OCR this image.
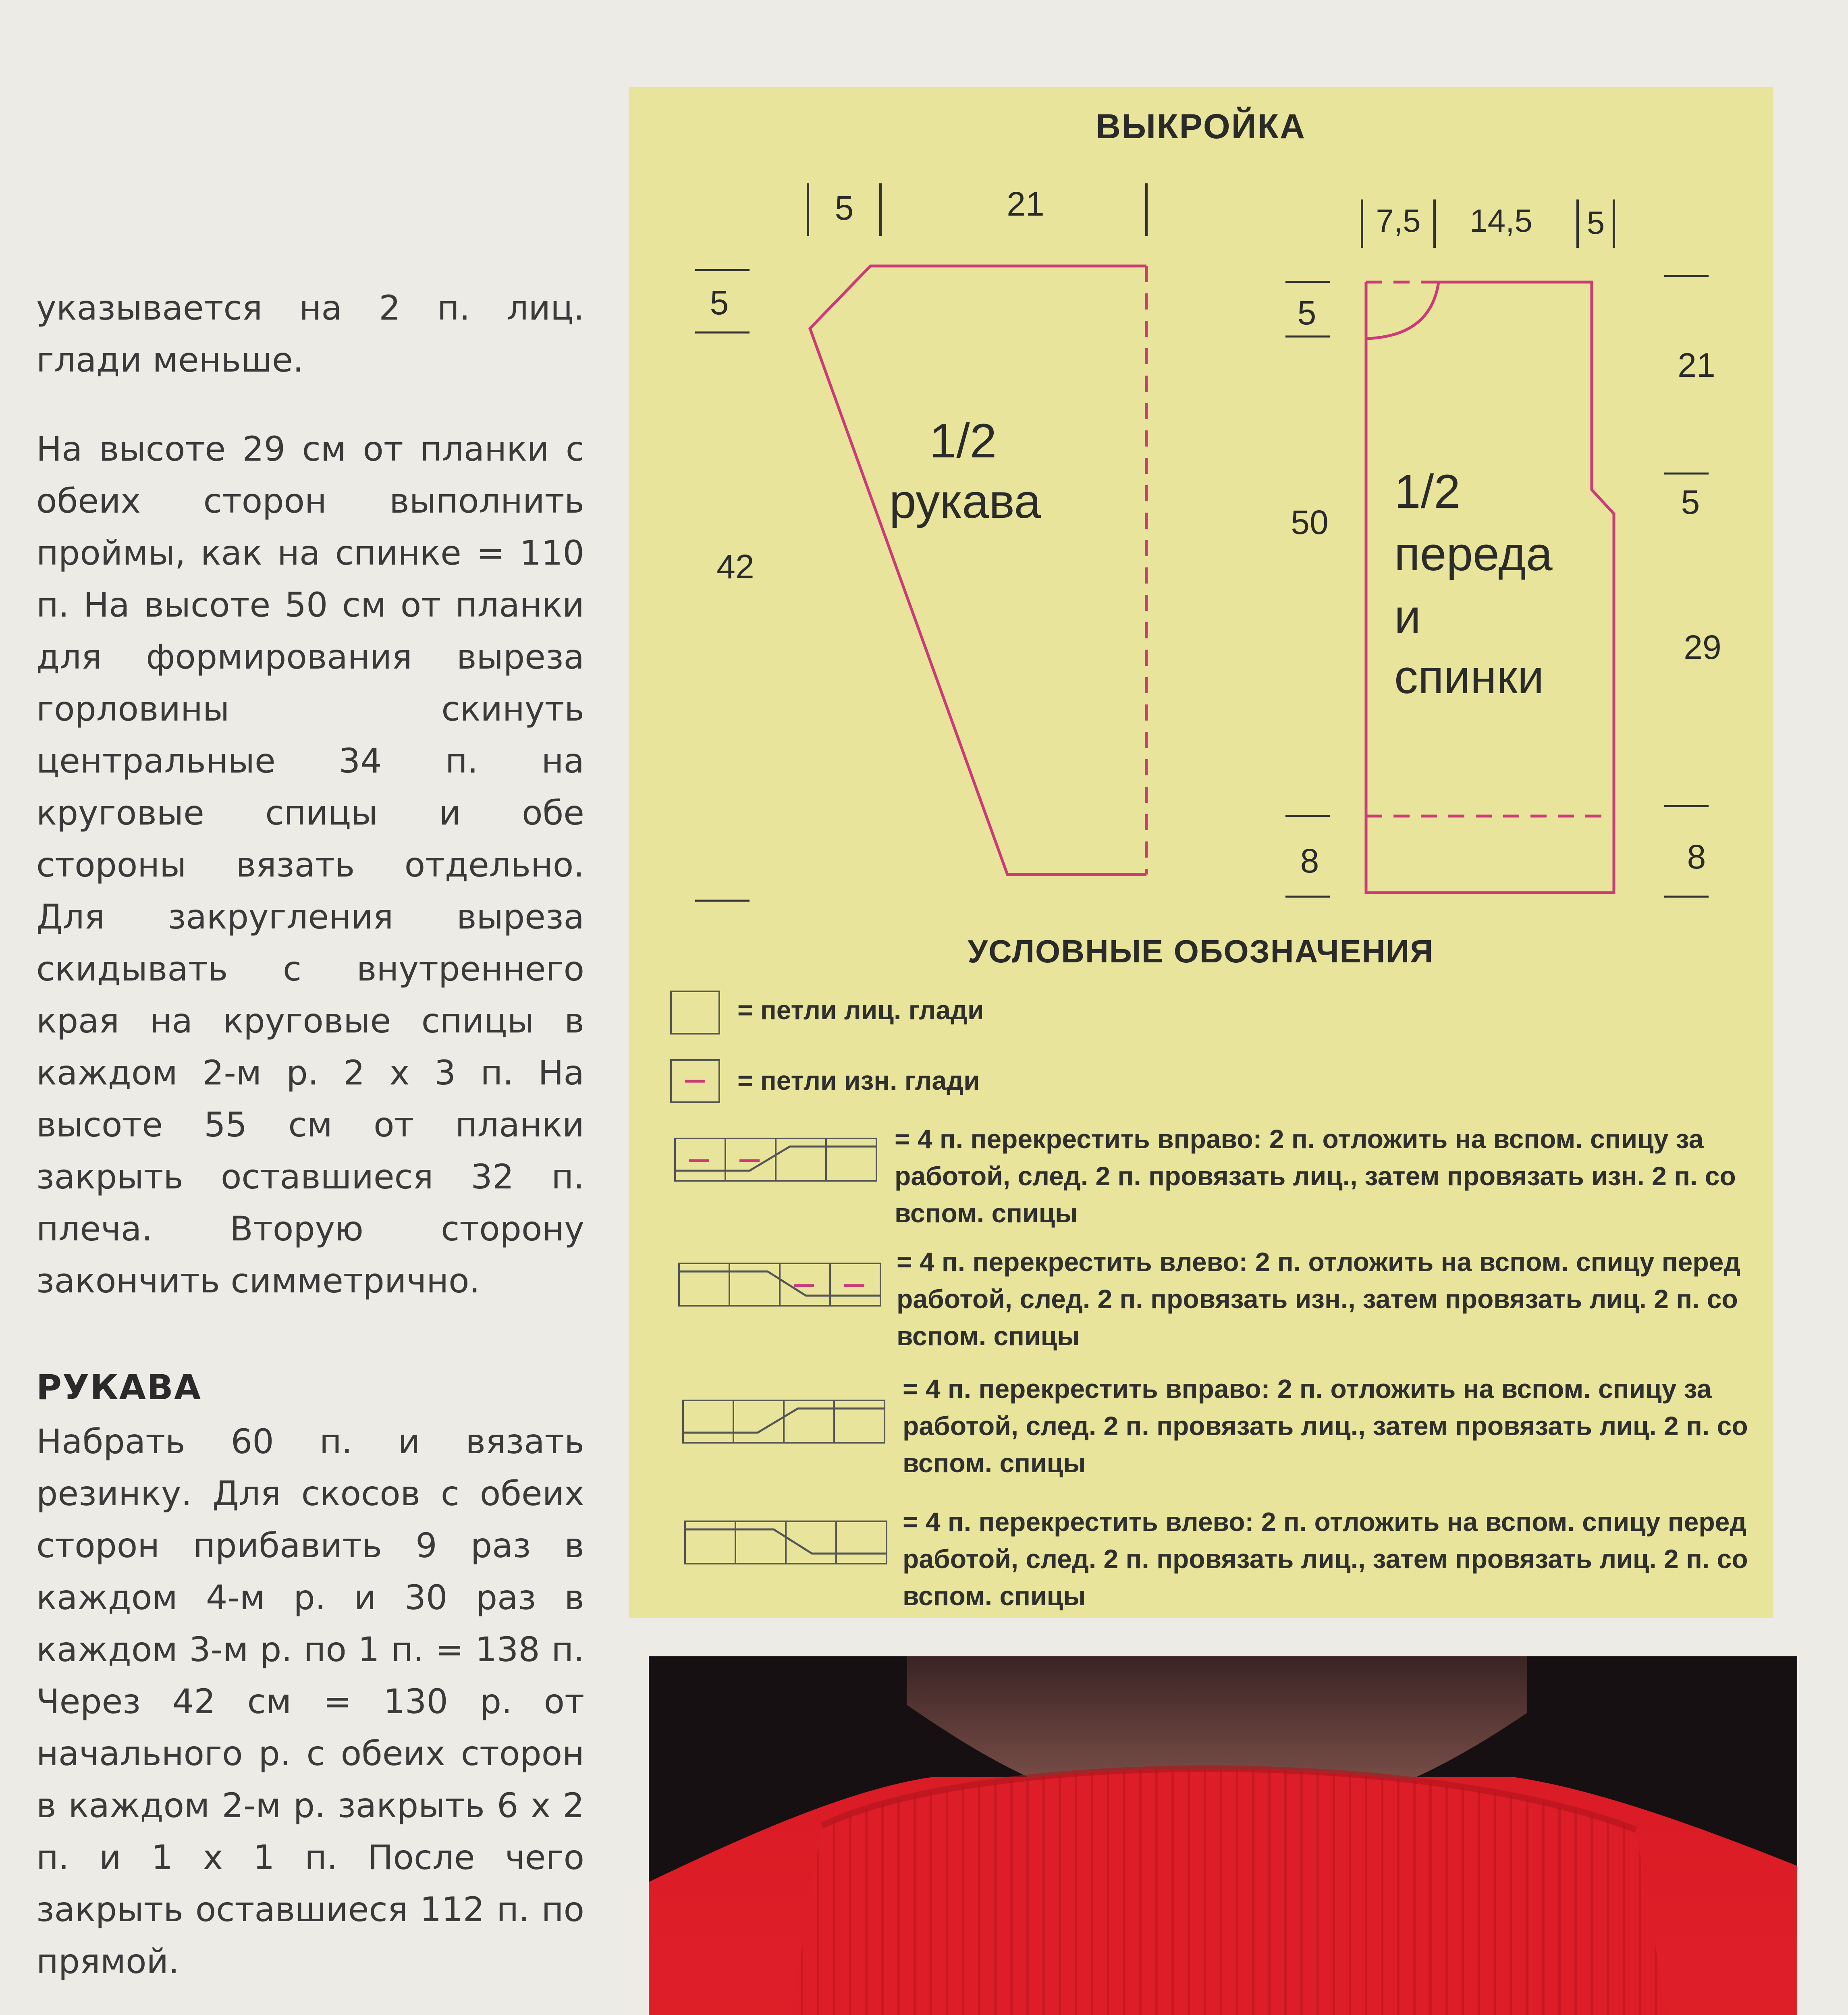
указывается на 2 п. лиц. глади меньше.

На высоте 29 см от планки с обеих сторон выполнить проймы, как на спинке = 110 п. На высоте 50 см от планки для формирования выреза горловины скинуть центральные 34 п. на круговые спицы и обе стороны вязать отдельно. Для закругления выреза скидывать с внутреннего края на круговые спицы в каждом 2-м р. 2 х 3 п. На высоте 55 см от планки закрыть оставшиеся 32 п. плеча. Вторую сторону закончить симметрично.

РУКАВА

Набрать 60 п. и вязать резинку. Для скосов с обеих сторон прибавить 9 раз в каждом 4-м р. и 30 раз в каждом 3-м р. по 1 п. = 138 п. Через 42 см = 130 р. от начального р. с обеих сторон в каждом 2-м р. закрыть 6 х 2 п. и 1 х 1 п. После чего закрыть оставшиеся 112 п. по прямой.

ВЫКРОЙКА
5	21
5
42
1/2
рукава
7,5 14,5 5
5
50
8
21
5
29
8
1/2
переда
и
спинки
УСЛОВНЫЕ ОБОЗНАЧЕНИЯ
= петли лиц. глади
= петли изн. глади
= 4 п. перекрестить вправо: 2 п. отложить на вспом. спицу за работой, след. 2 п. провязать лиц., затем провязать изн. 2 п. со вспом. спицы
= 4 п. перекрестить влево: 2 п. отложить на вспом. спицу перед работой, след. 2 п. провязать изн., затем провязать лиц. 2 п. со вспом. спицы
= 4 п. перекрестить вправо: 2 п. отложить на вспом. спицу за работой, след. 2 п. провязать лиц., затем провязать лиц. 2 п. со вспом. спицы
= 4 п. перекрестить влево: 2 п. отложить на вспом. спицу перед работой, след. 2 п. провязать лиц., затем провязать лиц. 2 п. со вспом. спицы
